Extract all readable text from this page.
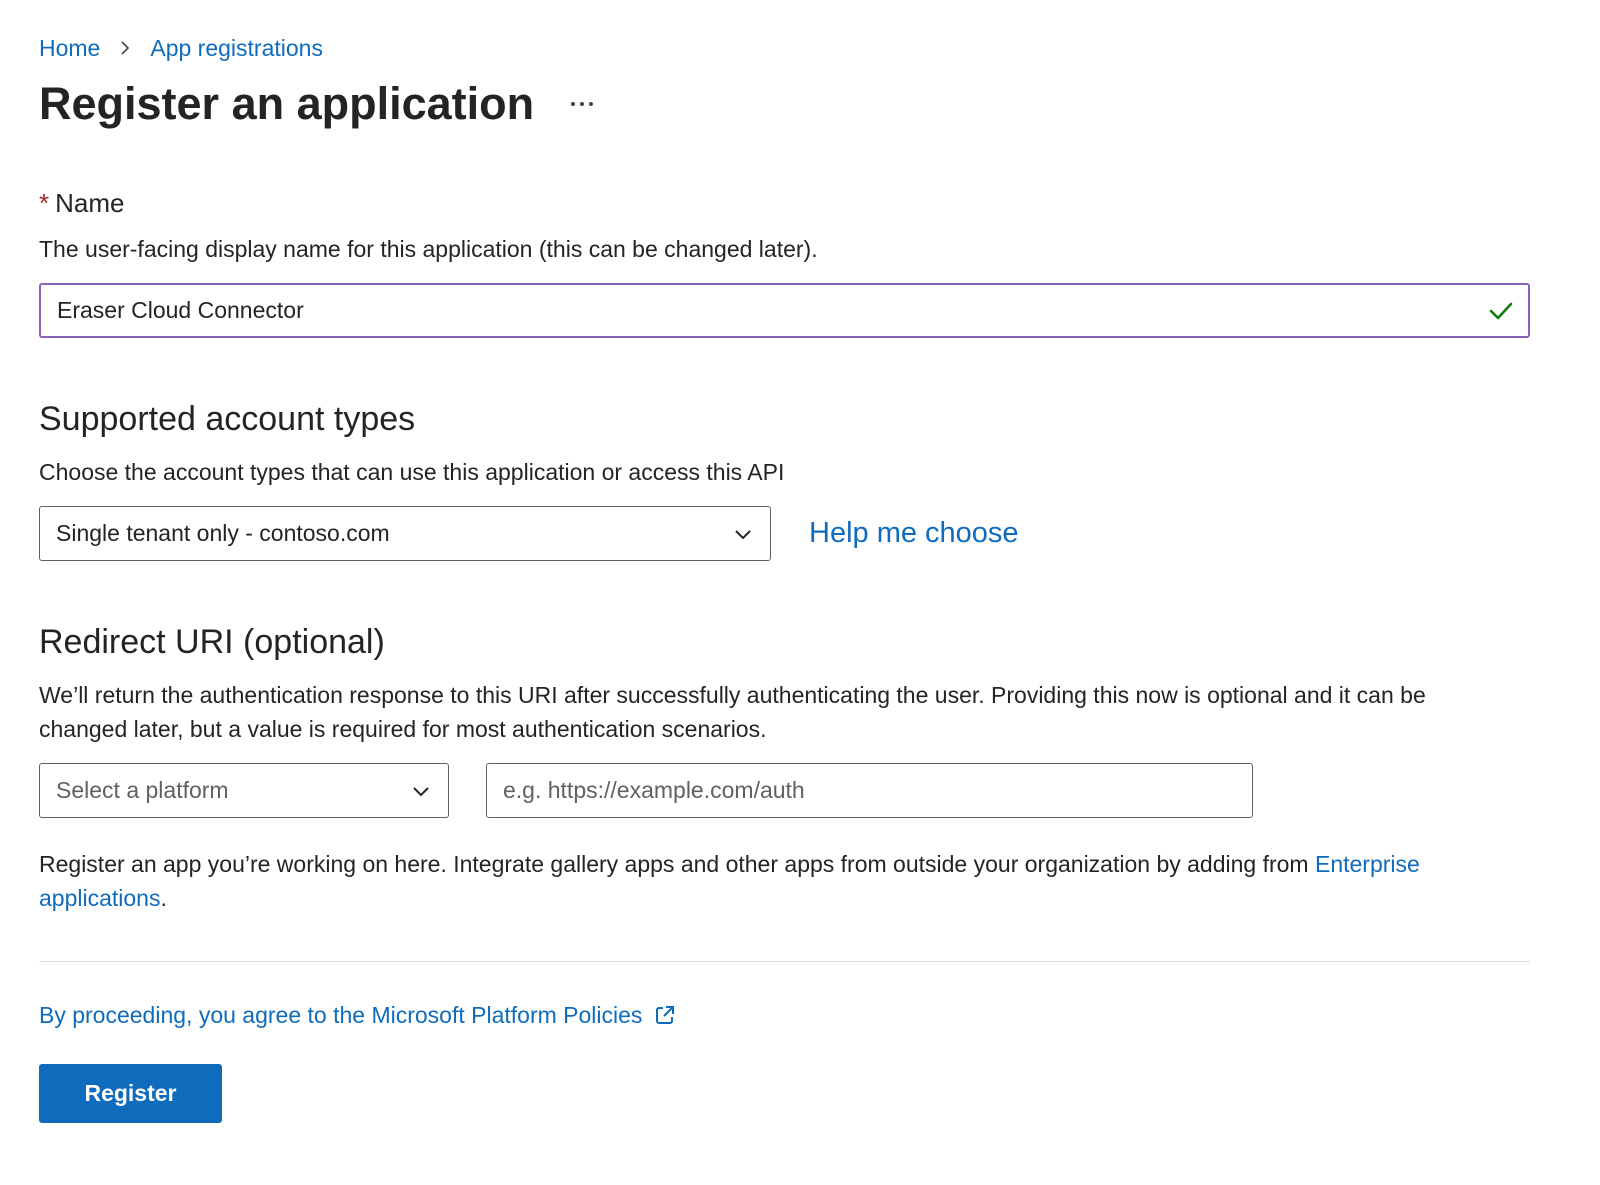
Home App registrations
Register an application
* Name
The user-facing display name for this application (this can be changed later).
Eraser Cloud Connector
Supported account types
Choose the account types that can use this application or access this API
Single tenant only - contoso.com	Help me choose
Redirect URI (optional)
We’ll return the authentication response to this URI after successfully authenticating the user. Providing this now is optional and it can be changed later, but a value is required for most authentication scenarios.
Select a platform	e.g. https://example.com/auth
Register an app you’re working on here. Integrate gallery apps and other apps from outside your organization by adding from Enterprise applications.
By proceeding, you agree to the Microsoft Platform Policies
Register
